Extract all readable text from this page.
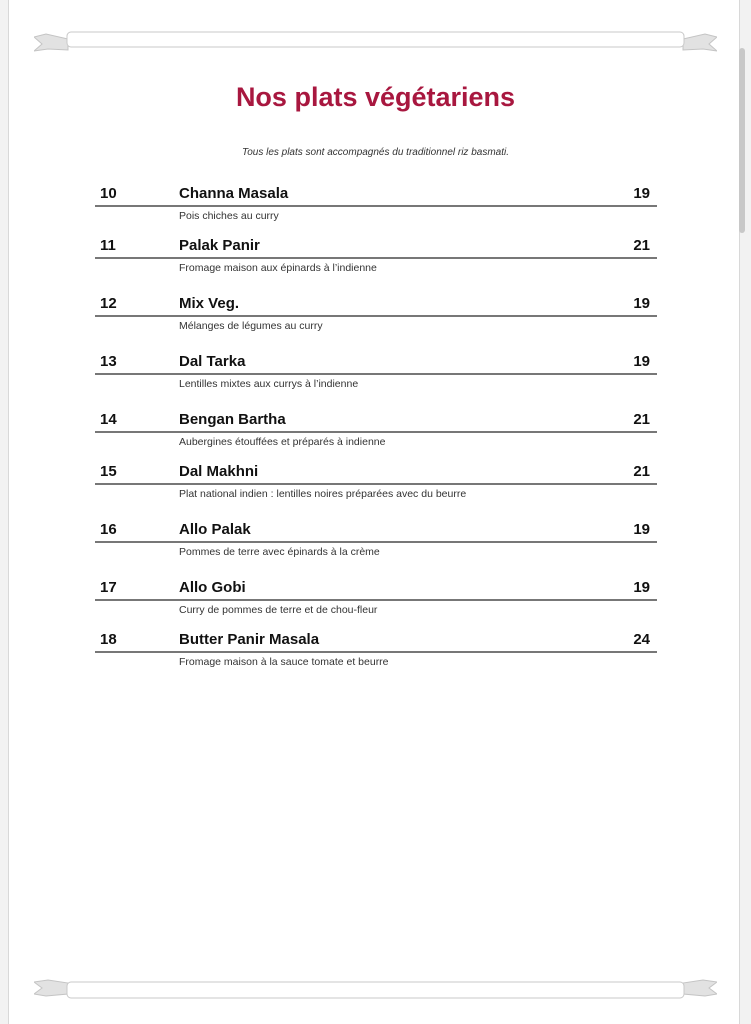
Nos plats végétariens
Tous les plats sont accompagnés du traditionnel riz basmati.
10	Channa Masala	19
Pois chiches au curry
11	Palak Panir	21
Fromage maison aux épinards à l’indienne
12	Mix Veg.	19
Mélanges de légumes au curry
13	Dal Tarka	19
Lentilles mixtes aux currys à l’indienne
14	Bengan Bartha	21
Aubergines étouffées et préparés à indienne
15	Dal Makhni	21
Plat national indien : lentilles noires préparées avec du beurre
16	Allo Palak	19
Pommes de terre avec épinards à la crème
17	Allo Gobi	19
Curry de pommes de terre et de chou-fleur
18	Butter Panir Masala	24
Fromage maison à la sauce tomate et beurre
